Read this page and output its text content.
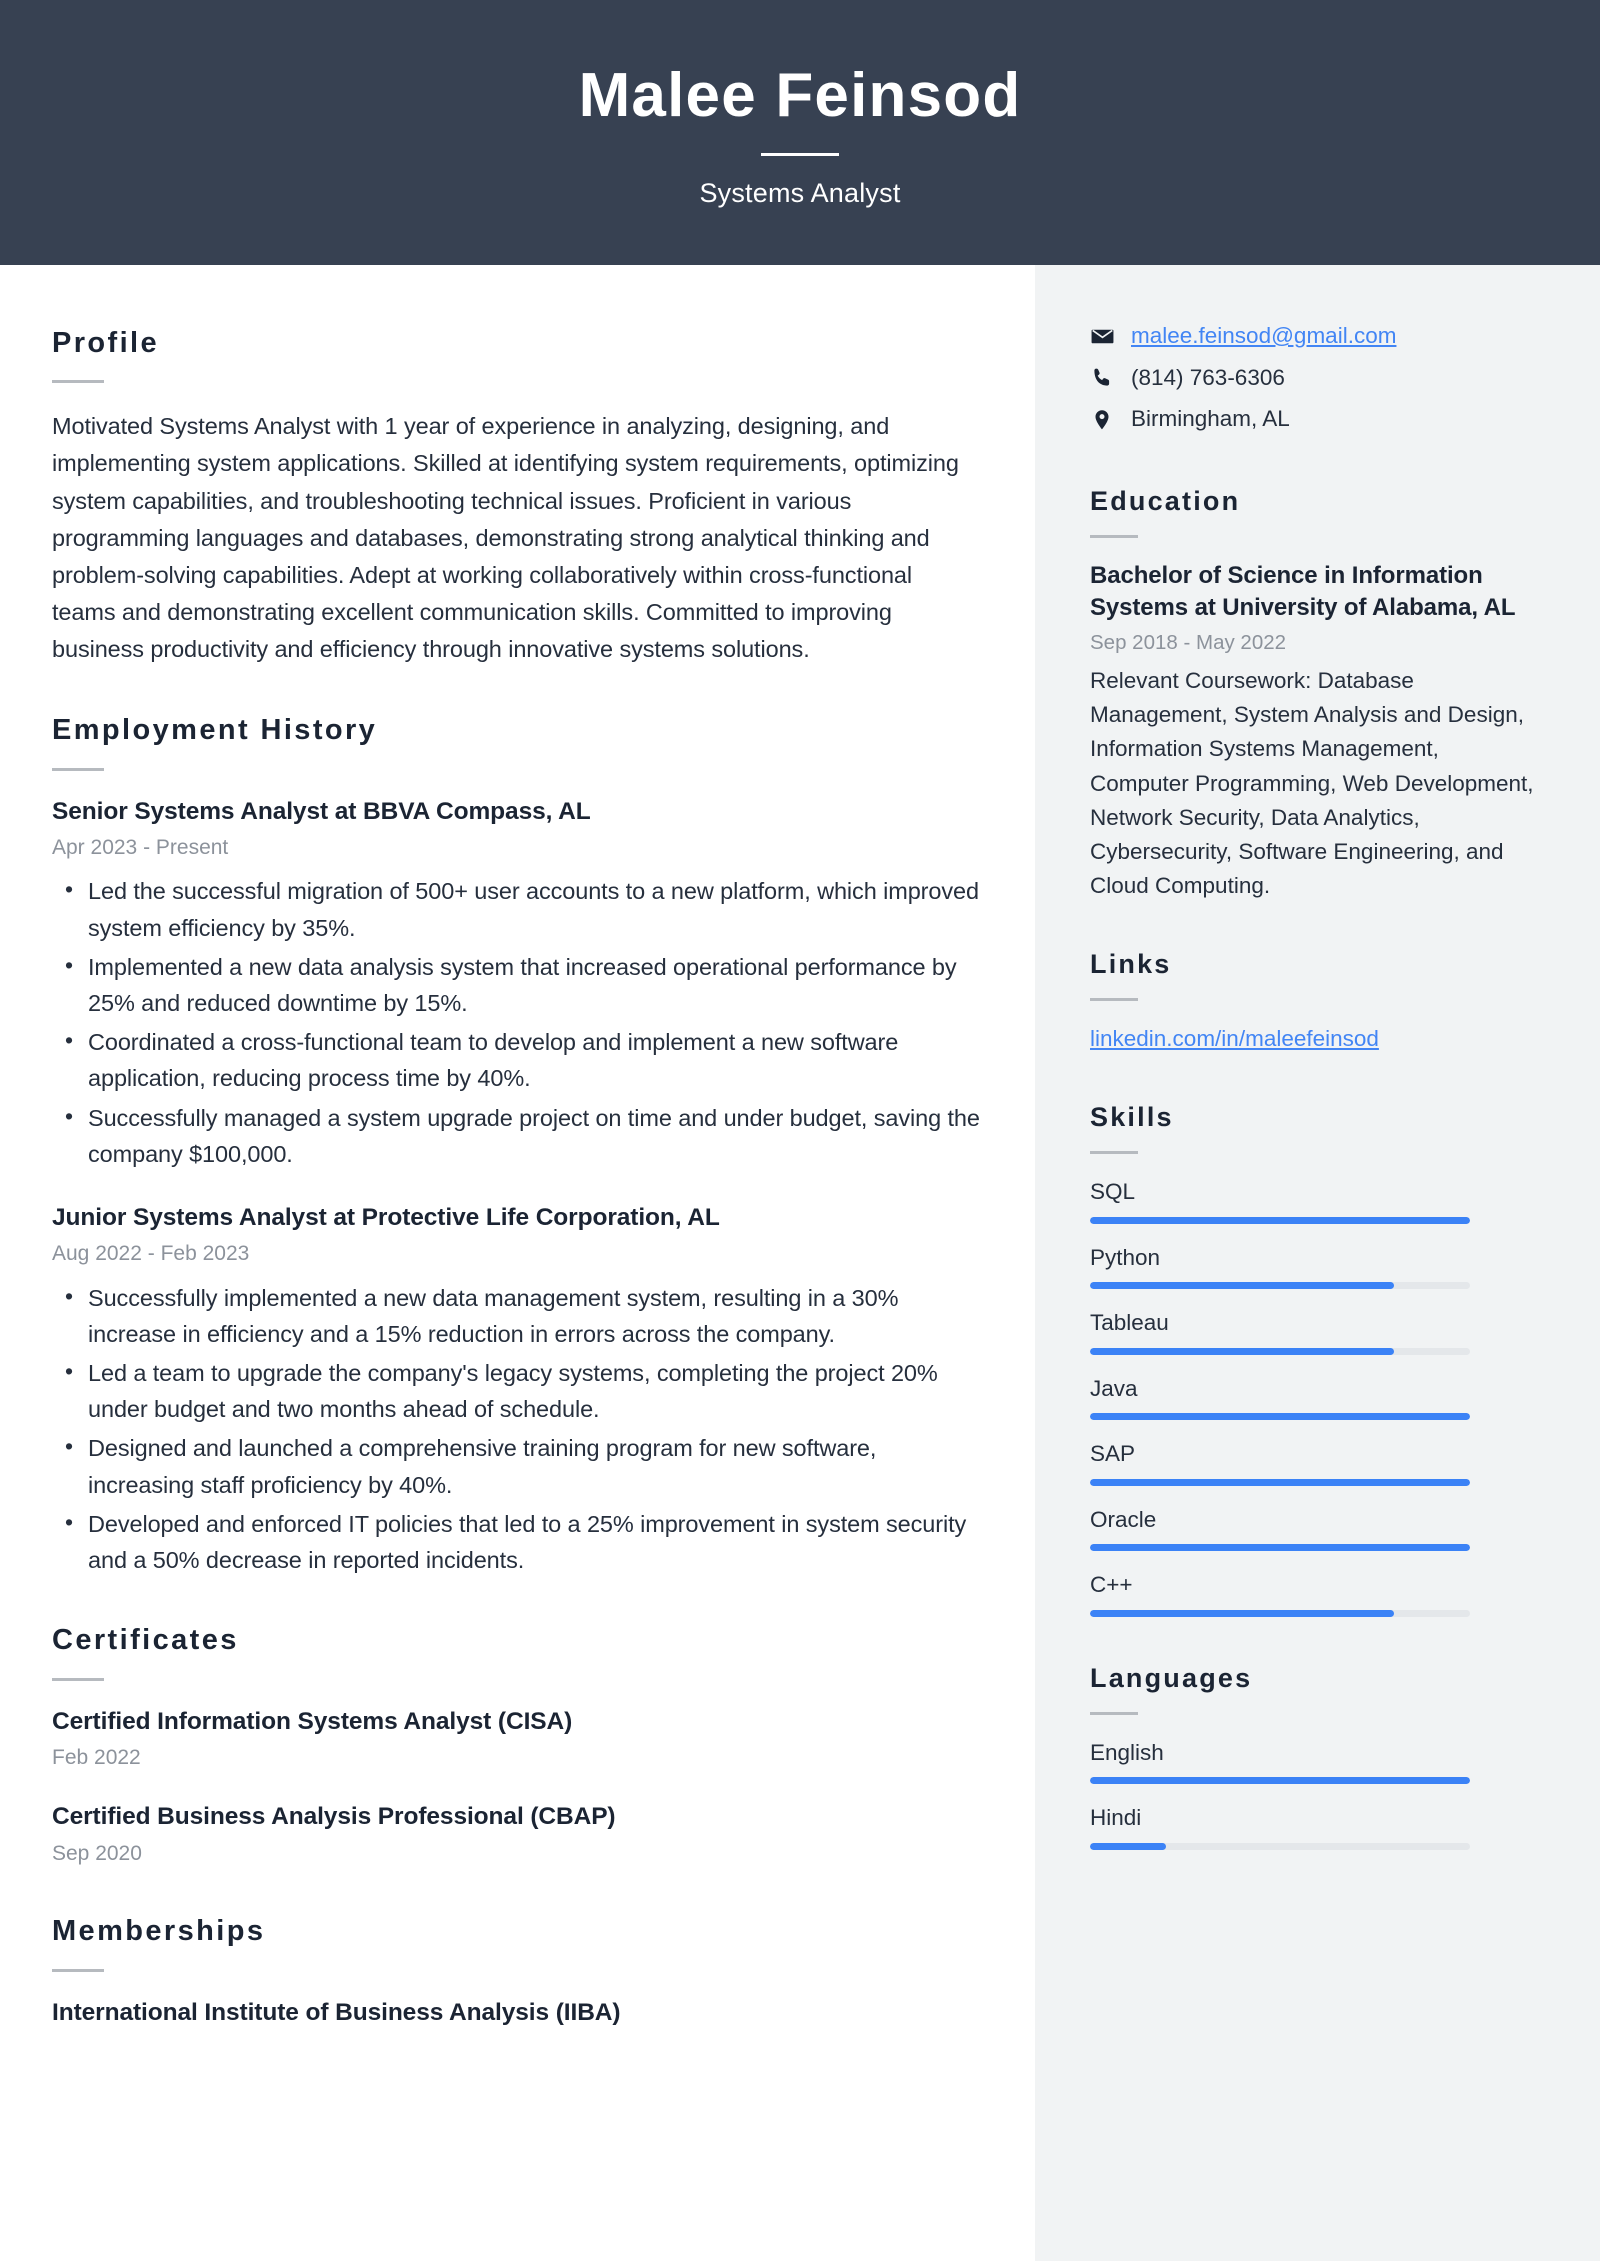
Malee Feinsod
Systems Analyst
Profile
Motivated Systems Analyst with 1 year of experience in analyzing, designing, and implementing system applications. Skilled at identifying system requirements, optimizing system capabilities, and troubleshooting technical issues. Proficient in various programming languages and databases, demonstrating strong analytical thinking and problem-solving capabilities. Adept at working collaboratively within cross-functional teams and demonstrating excellent communication skills. Committed to improving business productivity and efficiency through innovative systems solutions.
Employment History
Senior Systems Analyst at BBVA Compass, AL
Apr 2023 - Present
• Led the successful migration of 500+ user accounts to a new platform, which improved system efficiency by 35%.
• Implemented a new data analysis system that increased operational performance by 25% and reduced downtime by 15%.
• Coordinated a cross-functional team to develop and implement a new software application, reducing process time by 40%.
• Successfully managed a system upgrade project on time and under budget, saving the company $100,000.
Junior Systems Analyst at Protective Life Corporation, AL
Aug 2022 - Feb 2023
• Successfully implemented a new data management system, resulting in a 30% increase in efficiency and a 15% reduction in errors across the company.
• Led a team to upgrade the company's legacy systems, completing the project 20% under budget and two months ahead of schedule.
• Designed and launched a comprehensive training program for new software, increasing staff proficiency by 40%.
• Developed and enforced IT policies that led to a 25% improvement in system security and a 50% decrease in reported incidents.
Certificates
Certified Information Systems Analyst (CISA)
Feb 2022
Certified Business Analysis Professional (CBAP)
Sep 2020
Memberships
International Institute of Business Analysis (IIBA)
malee.feinsod@gmail.com
(814) 763-6306
Birmingham, AL
Education
Bachelor of Science in Information Systems at University of Alabama, AL
Sep 2018 - May 2022
Relevant Coursework: Database Management, System Analysis and Design, Information Systems Management, Computer Programming, Web Development, Network Security, Data Analytics, Cybersecurity, Software Engineering, and Cloud Computing.
Links
linkedin.com/in/maleefeinsod
Skills
SQL
Python
Tableau
Java
SAP
Oracle
C++
Languages
English
Hindi
